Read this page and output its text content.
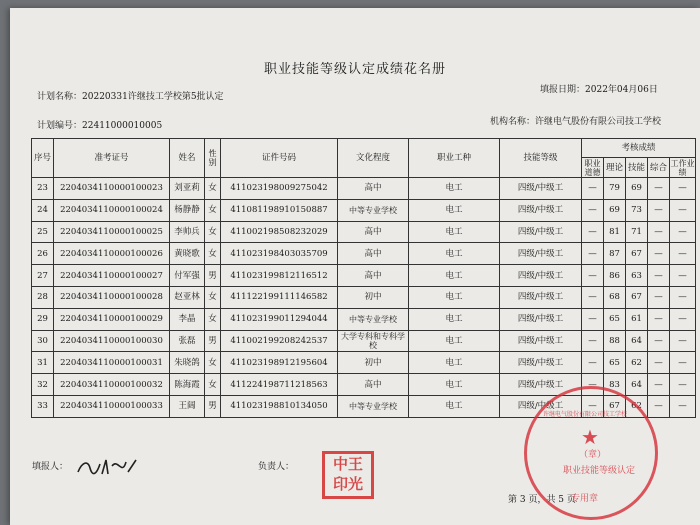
职业技能等级认定成绩花名册
计划名称：20220331许继技工学校第5批认定
填报日期：2022年04月06日
计划编号：22411000010005	机构名称：许继电气股份有限公司技工学校
序号	准考证号	姓名	性别	证件号码	文化程度	职业工种	技能等级	考核成绩				
								职业道德	理论	技能	综合	工作业绩
23	2204034110000100023	刘亚莉	女	411023198009275042	高中	电工	四级/中级工	—	79	69	—	—
24	2204034110000100024	杨静静	女	411081198910150887	中等专业学校	电工	四级/中级工	—	69	73	—	—
25	2204034110000100025	李帅兵	女	411002198508232029	高中	电工	四级/中级工	—	81	71	—	—
26	2204034110000100026	黄晓歌	女	411023198403035709	高中	电工	四级/中级工	—	87	67	—	—
27	2204034110000100027	付军强	男	411023199812116512	高中	电工	四级/中级工	—	86	63	—	—
28	2204034110000100028	赵亚林	女	411122199111146582	初中	电工	四级/中级工	—	68	67	—	—
29	2204034110000100029	李晶	女	411023199011294044	中等专业学校	电工	四级/中级工	—	65	61	—	—
30	2204034110000100030	张磊	男	411002199208242537	大学专科和专科学校	电工	四级/中级工	—	88	64	—	—
31	2204034110000100031	朱晓鸽	女	411023198912195604	初中	电工	四级/中级工	—	65	62	—	—
32	2204034110000100032	陈海霞	女	411224198711218563	高中	电工	四级/中级工	—	83	64	—	—
33	2204034110000100033	王阔	男	411023198810134050	中等专业学校	电工	四级/中级工	—	67	62	—	—
填报人：	负责人：	中王
印光
第 3 页，共 5 页
★
职业技能等级认定
许继电气股份有限公司技工学校
专用章
（章）
